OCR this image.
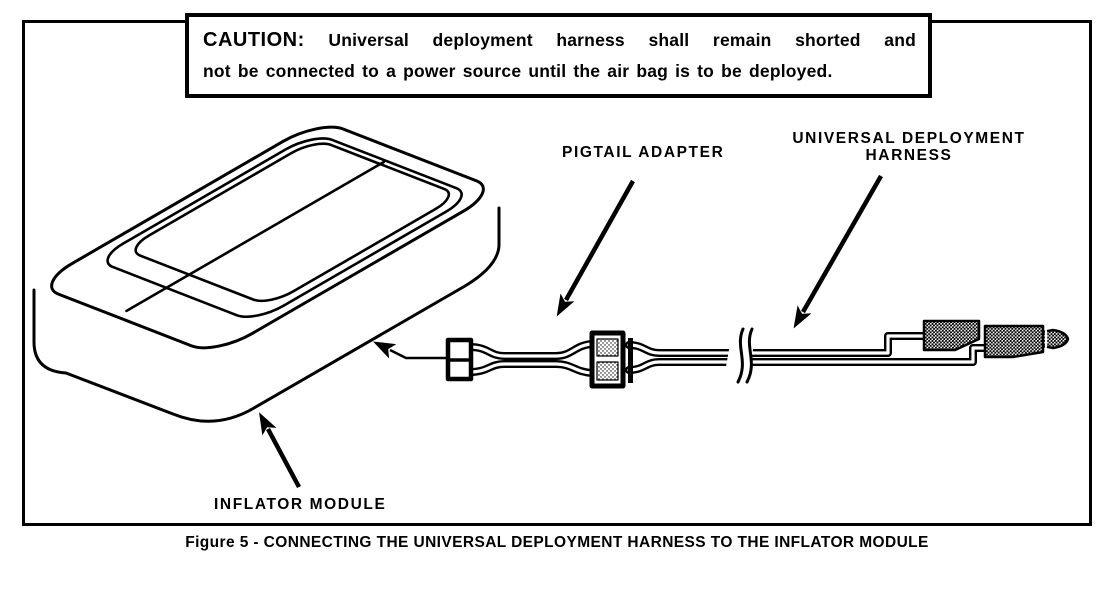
CAUTION: Universal deployment harness shall remain shorted and
not be connected to a power source until the air bag is to be deployed.
PIGTAIL ADAPTER
UNIVERSAL DEPLOYMENT
HARNESS
INFLATOR MODULE
Figure 5 - CONNECTING THE UNIVERSAL DEPLOYMENT HARNESS TO THE INFLATOR MODULE
